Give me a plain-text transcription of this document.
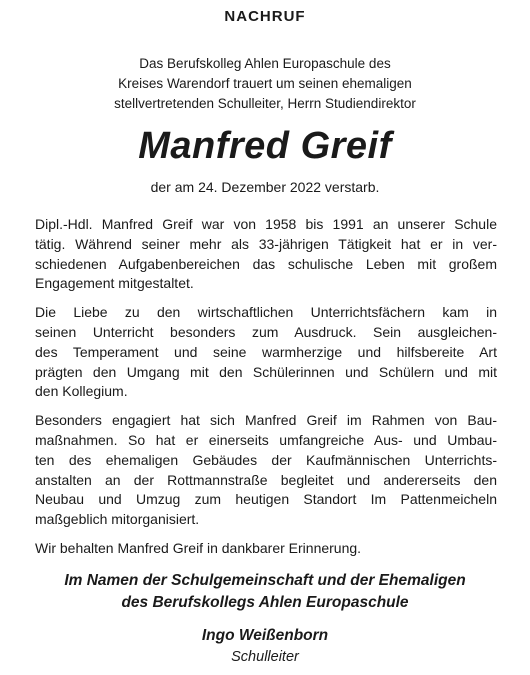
NACHRUF
Das Berufskolleg Ahlen Europaschule des
Kreises Warendorf trauert um seinen ehemaligen
stellvertretenden Schulleiter, Herrn Studiendirektor
Manfred Greif
der am 24. Dezember 2022 verstarb.

Dipl.-Hdl. Manfred Greif war von 1958 bis 1991 an unserer Schule
tätig. Während seiner mehr als 33-jährigen Tätigkeit hat er in ver-
schiedenen Aufgabenbereichen das schulische Leben mit großem
Engagement mitgestaltet.

Die Liebe zu den wirtschaftlichen Unterrichtsfächern kam in
seinen Unterricht besonders zum Ausdruck. Sein ausgleichen-
des Temperament und seine warmherzige und hilfsbereite Art
prägten den Umgang mit den Schülerinnen und Schülern und mit
den Kollegium.

Besonders engagiert hat sich Manfred Greif im Rahmen von Bau-
maßnahmen. So hat er einerseits umfangreiche Aus- und Umbau-
ten des ehemaligen Gebäudes der Kaufmännischen Unterrichts-
anstalten an der Rottmannstraße begleitet und andererseits den
Neubau und Umzug zum heutigen Standort Im Pattenmeicheln
maßgeblich mitorganisiert.

Wir behalten Manfred Greif in dankbarer Erinnerung.

Im Namen der Schulgemeinschaft und der Ehemaligen
des Berufskollegs Ahlen Europaschule
Ingo Weißenborn
Schulleiter
